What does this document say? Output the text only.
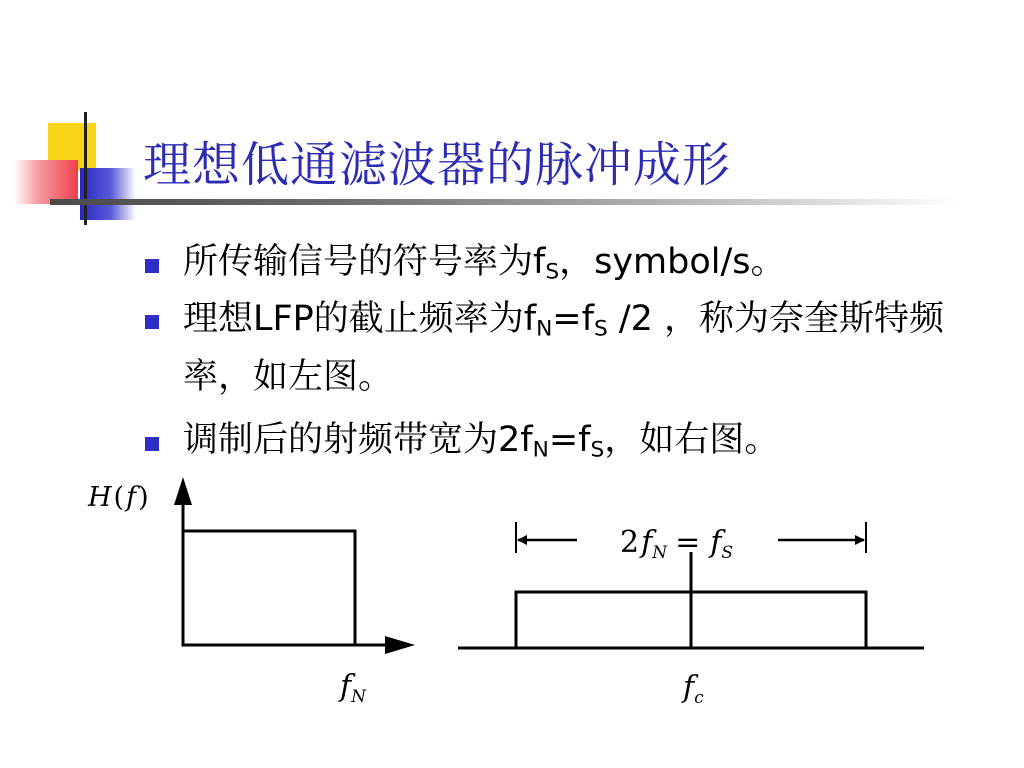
理想低通滤波器的脉冲成形
所传输信号的符号率为$f_S$，symbol/s。
理想LFP的截止频率为$f_N=f_S$ /2 ，称为奈奎斯特频率，如左图。
调制后的射频带宽为$2f_N=f_S$，如右图。
H(f)
$f_N$
$2f_N = f_S$
$f_c$
